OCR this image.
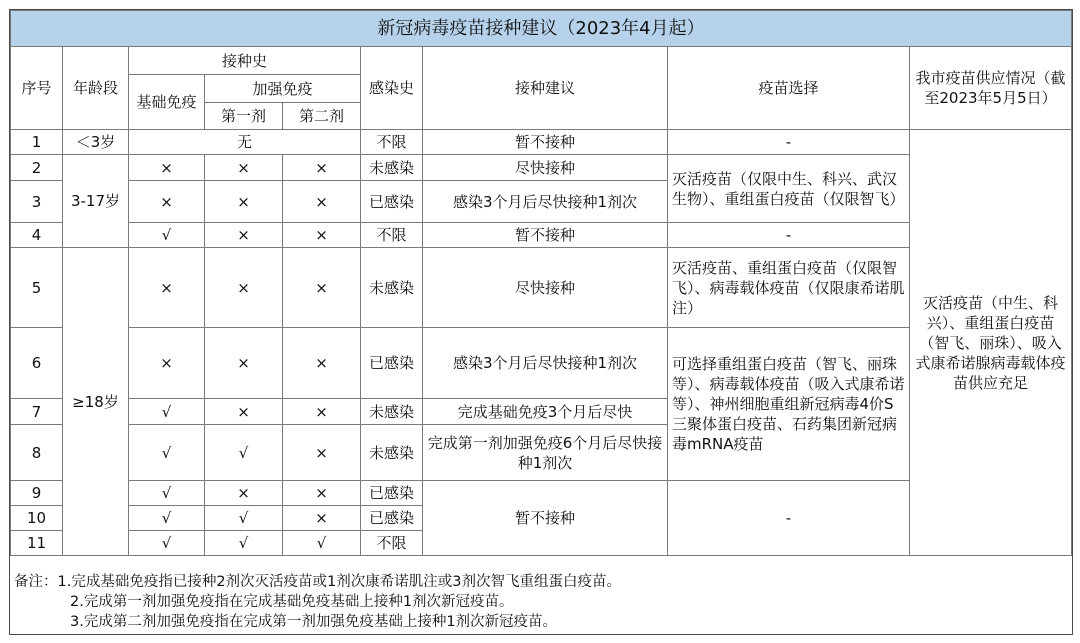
新冠病毒疫苗接种建议（2023年4月起）								
序号	年龄段	接种史			感染史	接种建议	疫苗选择	我市疫苗供应情况（截至2023年5月5日）
		基础免疫	加强免疫					
			第一剂	第二剂				
1	＜3岁	无			不限	暂不接种	-	灭活疫苗（中生、科兴）、重组蛋白疫苗（智飞、丽珠）、吸入式康希诺腺病毒载体疫苗供应充足
2	3-17岁	×	×	×	未感染	尽快接种	灭活疫苗（仅限中生、科兴、武汉生物）、重组蛋白疫苗（仅限智飞）	
3		×	×	×	已感染	感染3个月后尽快接种1剂次		
4		√	×	×	不限	暂不接种	-	
5	≥18岁	×	×	×	未感染	尽快接种	灭活疫苗、重组蛋白疫苗（仅限智飞）、病毒载体疫苗（仅限康希诺肌注）	
6		×	×	×	已感染	感染3个月后尽快接种1剂次	可选择重组蛋白疫苗（智飞、丽珠等）、病毒载体疫苗（吸入式康希诺等）、神州细胞重组新冠病毒4价S三聚体蛋白疫苗、石药集团新冠病毒mRNA疫苗	
7		√	×	×	未感染	完成基础免疫3个月后尽快		
8		√	√	×	未感染	完成第一剂加强免疫6个月后尽快接种1剂次		
9		√	×	×	已感染	暂不接种	-	
10		√	√	×	已感染			
11		√	√	√	不限			
备注：1.完成基础免疫指已接种2剂次灭活疫苗或1剂次康希诺肌注或3剂次智飞重组蛋白疫苗。
2.完成第一剂加强免疫指在完成基础免疫基础上接种1剂次新冠疫苗。
3.完成第二剂加强免疫指在完成第一剂加强免疫基础上接种1剂次新冠疫苗。
